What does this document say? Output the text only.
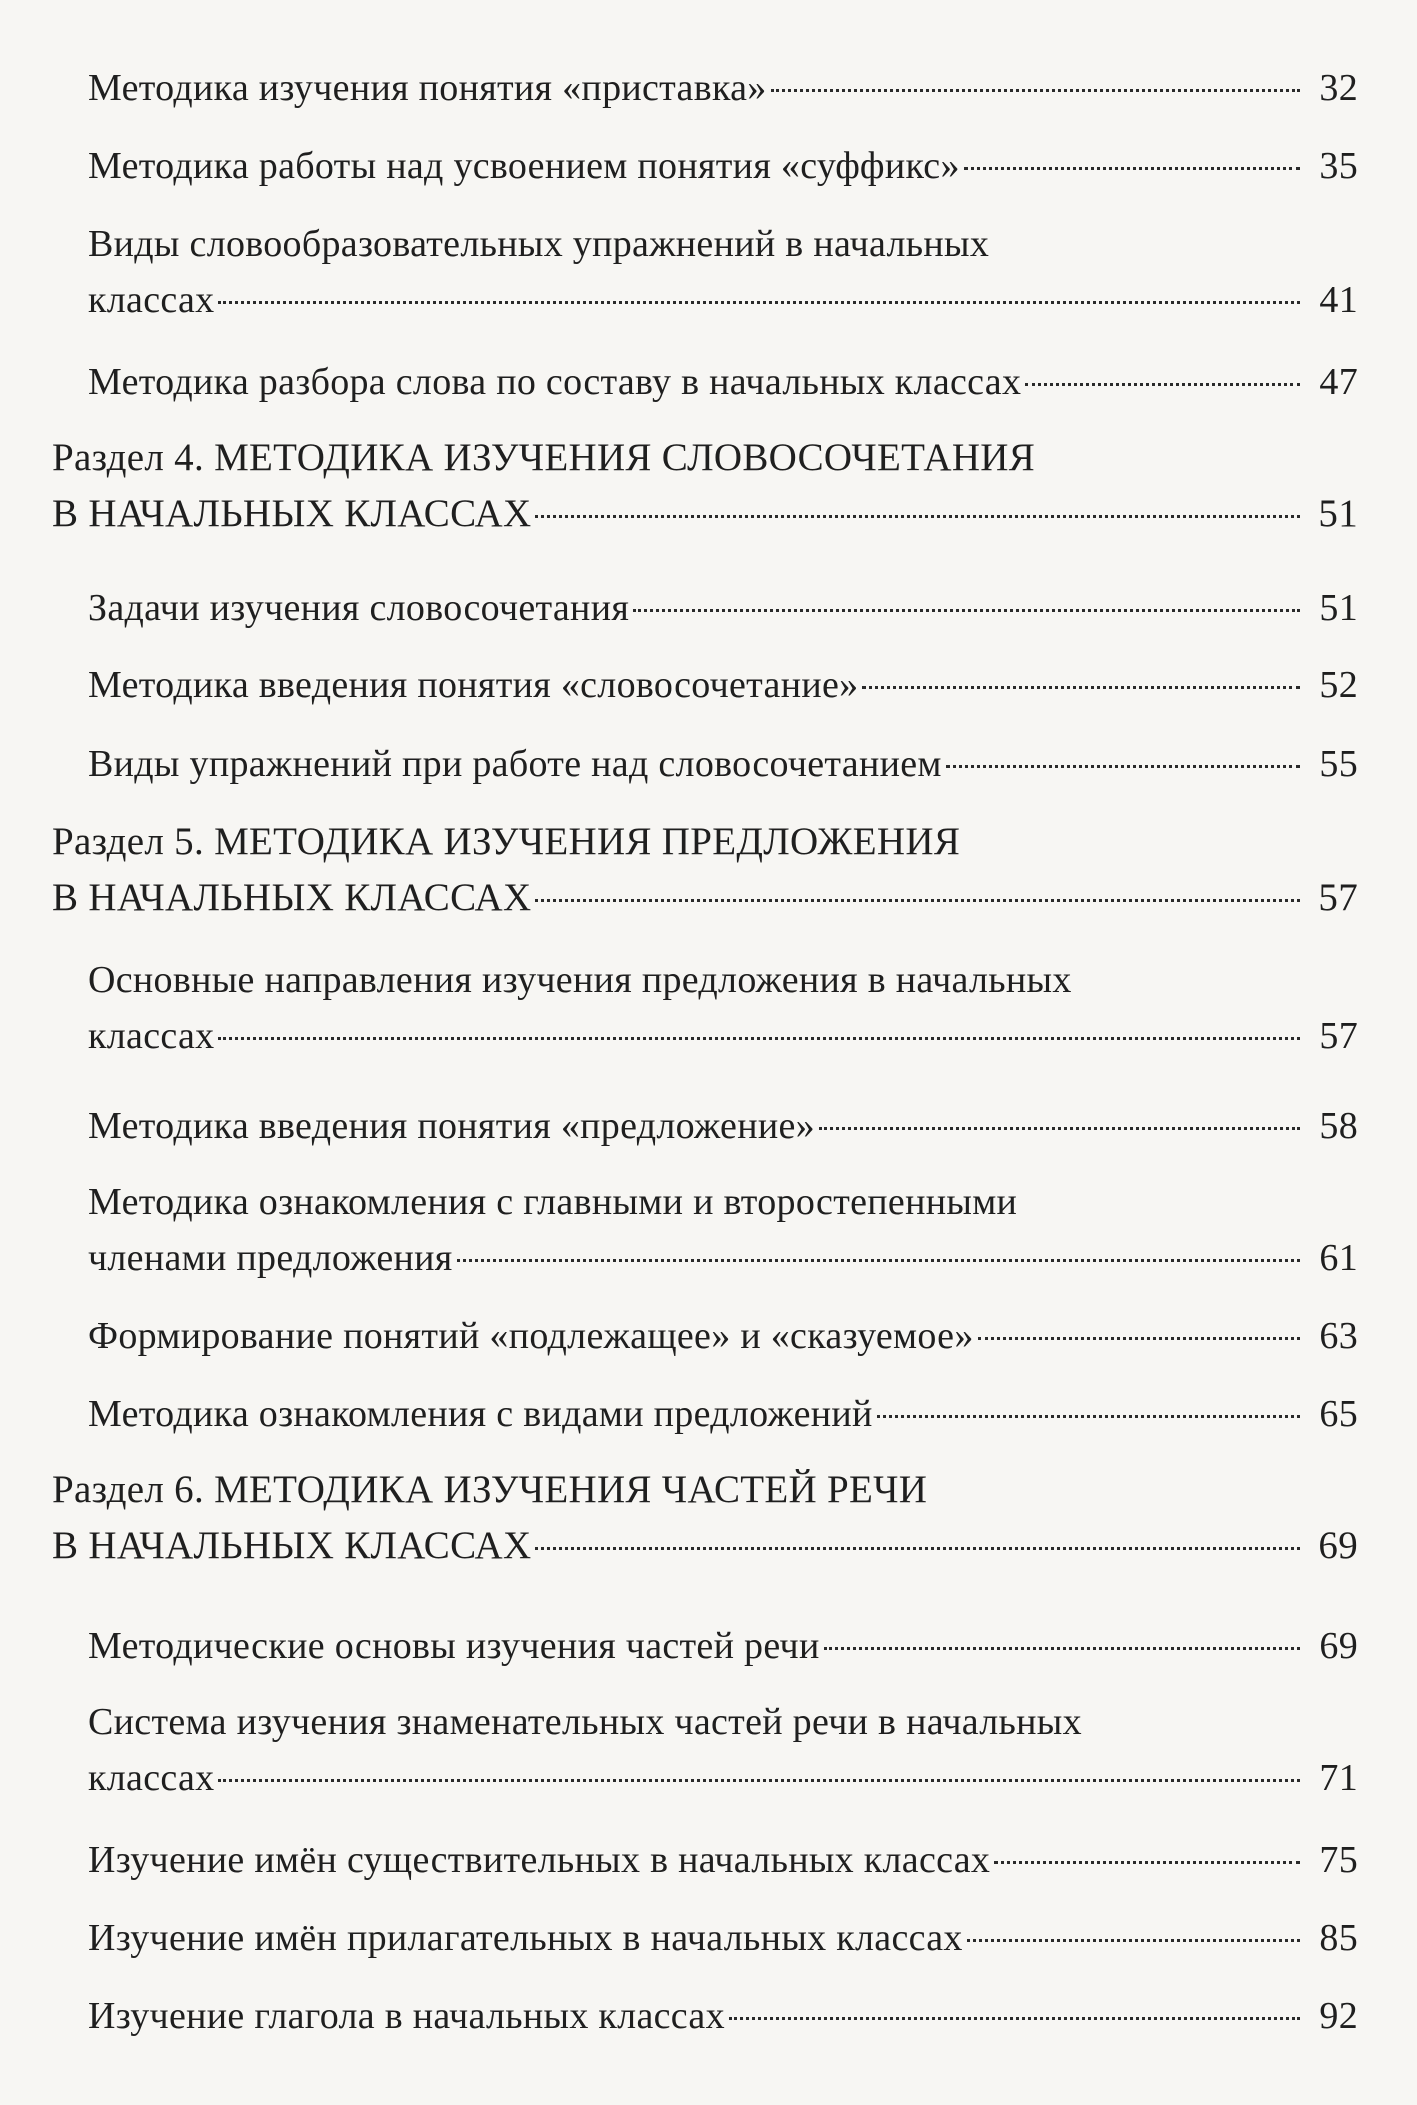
Методика изучения понятия «приставка»	32
Методика работы над усвоением понятия «суффикс»	35
Виды словообразовательных упражнений в начальных
классах	41
Методика разбора слова по составу в начальных классах	47
Раздел 4. МЕТОДИКА ИЗУЧЕНИЯ СЛОВОСОЧЕТАНИЯ
В НАЧАЛЬНЫХ КЛАССАХ	51
Задачи изучения словосочетания	51
Методика введения понятия «словосочетание»	52
Виды упражнений при работе над словосочетанием	55
Раздел 5. МЕТОДИКА ИЗУЧЕНИЯ ПРЕДЛОЖЕНИЯ
В НАЧАЛЬНЫХ КЛАССАХ	57
Основные направления изучения предложения в начальных
классах	57
Методика введения понятия «предложение»	58
Методика ознакомления с главными и второстепенными
членами предложения	61
Формирование понятий «подлежащее» и «сказуемое»	63
Методика ознакомления с видами предложений	65
Раздел 6. МЕТОДИКА ИЗУЧЕНИЯ ЧАСТЕЙ РЕЧИ
В НАЧАЛЬНЫХ КЛАССАХ	69
Методические основы изучения частей речи	69
Система изучения знаменательных частей речи в начальных
классах	71
Изучение имён существительных в начальных классах	75
Изучение имён прилагательных в начальных классах	85
Изучение глагола в начальных классах	92
